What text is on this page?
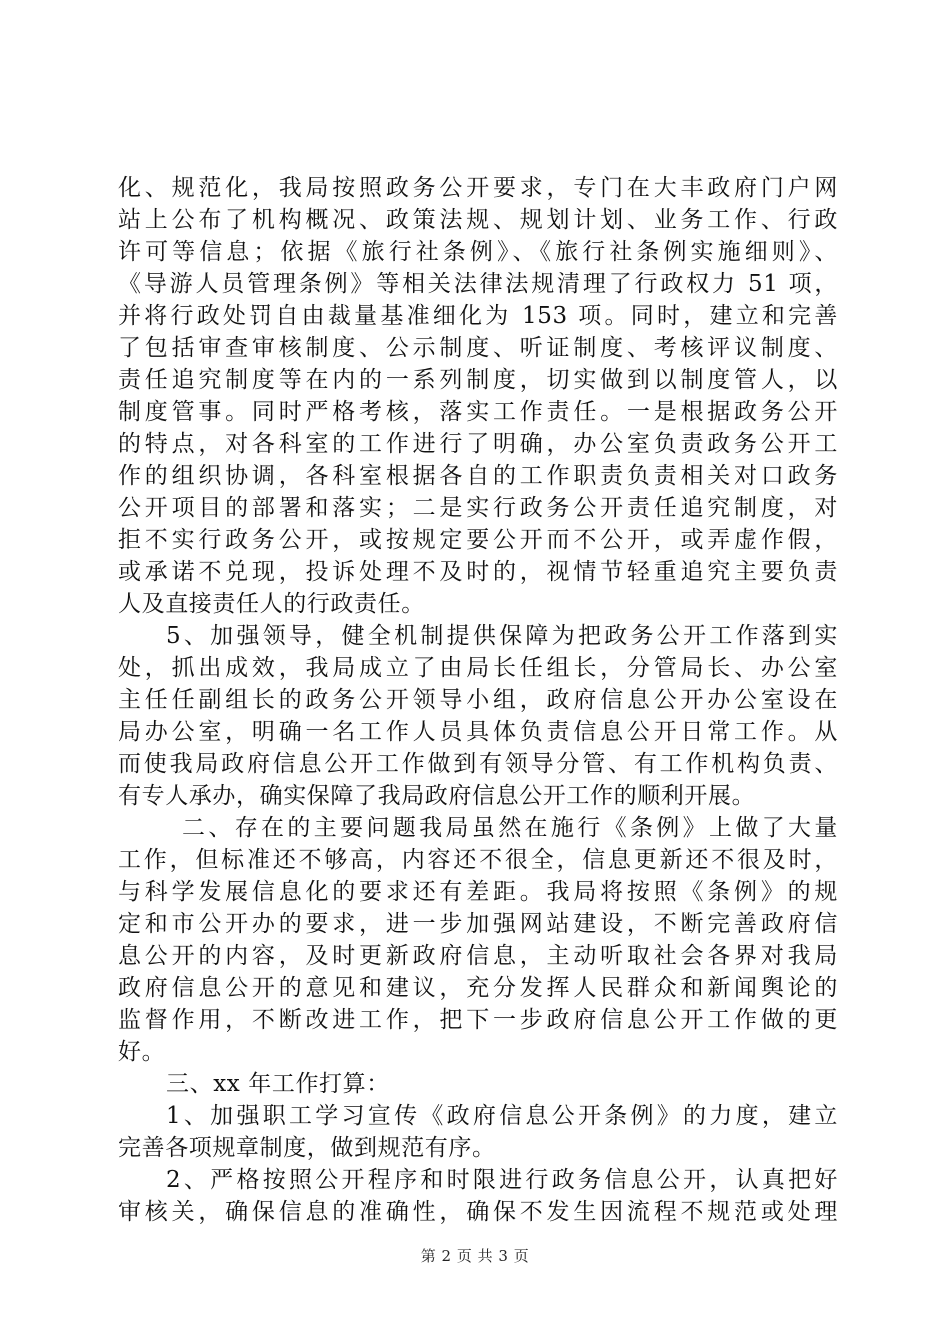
化、规范化，我局按照政务公开要求，专门在大丰政府门户网
站上公布了机构概况、政策法规、规划计划、业务工作、行政
许可等信息；依据《旅行社条例》、《旅行社条例实施细则》、
《导游人员管理条例》等相关法律法规清理了行政权力 51 项，
并将行政处罚自由裁量基准细化为 153 项。同时，建立和完善
了包括审查审核制度、公示制度、听证制度、考核评议制度、
责任追究制度等在内的一系列制度，切实做到以制度管人，以
制度管事。同时严格考核，落实工作责任。一是根据政务公开
的特点，对各科室的工作进行了明确，办公室负责政务公开工
作的组织协调，各科室根据各自的工作职责负责相关对口政务
公开项目的部署和落实；二是实行政务公开责任追究制度，对
拒不实行政务公开，或按规定要公开而不公开，或弄虚作假，
或承诺不兑现，投诉处理不及时的，视情节轻重追究主要负责
人及直接责任人的行政责任。
5、加强领导，健全机制提供保障为把政务公开工作落到实
处，抓出成效，我局成立了由局长任组长，分管局长、办公室
主任任副组长的政务公开领导小组，政府信息公开办公室设在
局办公室，明确一名工作人员具体负责信息公开日常工作。从
而使我局政府信息公开工作做到有领导分管、有工作机构负责、
有专人承办，确实保障了我局政府信息公开工作的顺利开展。
二、存在的主要问题我局虽然在施行《条例》上做了大量
工作，但标准还不够高，内容还不很全，信息更新还不很及时，
与科学发展信息化的要求还有差距。我局将按照《条例》的规
定和市公开办的要求，进一步加强网站建设，不断完善政府信
息公开的内容，及时更新政府信息，主动听取社会各界对我局
政府信息公开的意见和建议，充分发挥人民群众和新闻舆论的
监督作用，不断改进工作，把下一步政府信息公开工作做的更
好。
三、xx 年工作打算：
1、加强职工学习宣传《政府信息公开条例》的力度，建立
完善各项规章制度，做到规范有序。
2、严格按照公开程序和时限进行政务信息公开，认真把好
审核关，确保信息的准确性，确保不发生因流程不规范或处理
第 2 页 共 3 页
